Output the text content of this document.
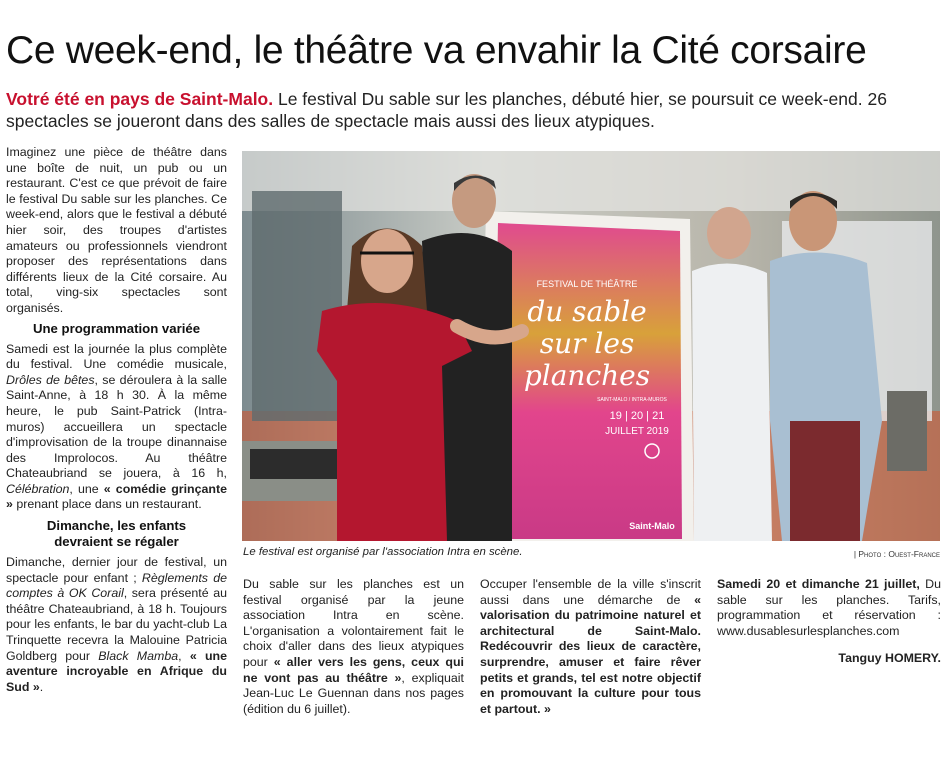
Ce week-end, le théâtre va envahir la Cité corsaire
Votré été en pays de Saint-Malo. Le festival Du sable sur les planches, débuté hier, se poursuit ce week-end. 26 spectacles se joueront dans des salles de spectacle mais aussi des lieux atypiques.

Imaginez une pièce de théâtre dans une boîte de nuit, un pub ou un restaurant. C'est ce que prévoit de faire le festival Du sable sur les planches. Ce week-end, alors que le festival a débuté hier soir, des troupes d'artistes amateurs ou professionnels viendront proposer des représentations dans différents lieux de la Cité corsaire. Au total, ving-six spectacles sont organisés.

Une programmation variée

Samedi est la journée la plus complète du festival. Une comédie musicale, Drôles de bêtes, se déroulera à la salle Saint-Anne, à 18 h 30. À la même heure, le pub Saint-Patrick (Intra-muros) accueillera un spectacle d'improvisation de la troupe dinannaise des Improlocos. Au théâtre Chateaubriand se jouera, à 16 h, Célébration, une « comédie grinçante » prenant place dans un restaurant.

Dimanche, les enfants devraient se régaler

Dimanche, dernier jour de festival, un spectacle pour enfant ; Règlements de comptes à OK Corail, sera présenté au théâtre Chateaubriand, à 18 h. Toujours pour les enfants, le bar du yacht-club La Trinquette recevra la Malouine Patricia Goldberg pour Black Mamba, « une aventure incroyable en Afrique du Sud ».

FESTIVAL DE THÉÂTRE
du sable
sur les
planches
SAINT-MALO / INTRA-MUROS
19 | 20 | 21
JUILLET 2019
Saint-Malo
Le festival est organisé par l'association Intra en scène.	| Photo : Ouest-France

Du sable sur les planches est un festival organisé par la jeune association Intra en scène. L'organisation a volontairement fait le choix d'aller dans des lieux atypiques pour « aller vers les gens, ceux qui ne vont pas au théâtre », expliquait Jean-Luc Le Guennan dans nos pages (édition du 6 juillet).

Occuper l'ensemble de la ville s'inscrit aussi dans une démarche de « valorisation du patrimoine naturel et architectural de Saint-Malo. Redécouvrir des lieux de caractère, surprendre, amuser et faire rêver petits et grands, tel est notre objectif en promouvant la culture pour tous et partout. »

Samedi 20 et dimanche 21 juillet, Du sable sur les planches. Tarifs, programmation et réservation : www.dusablesurlesplanches.com

Tanguy HOMERY.
